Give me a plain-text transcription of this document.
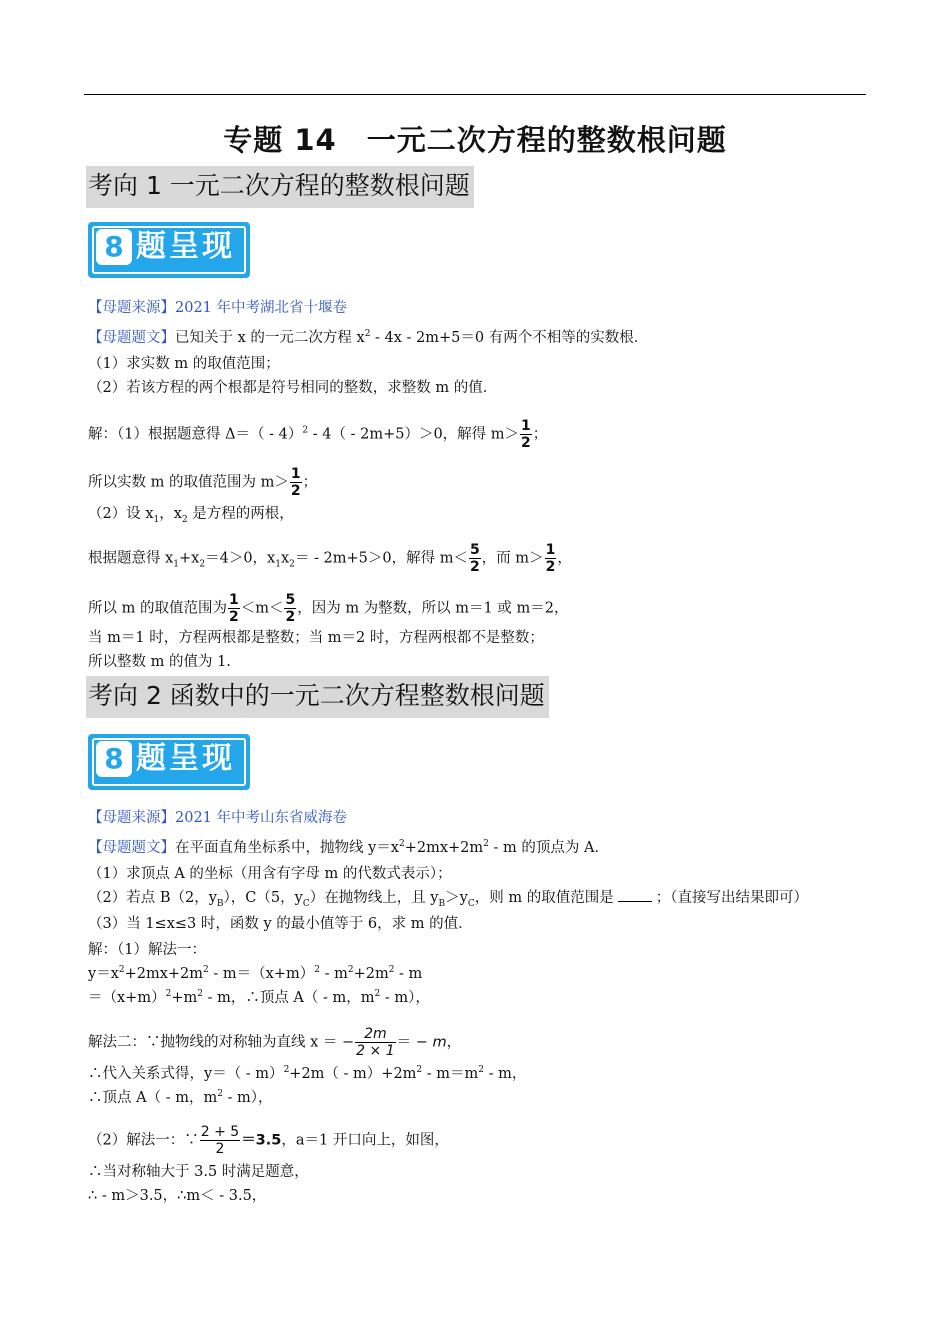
专题 14　一元二次方程的整数根问题
考向 1 一元二次方程的整数根问题
8 题呈现
【母题来源】2021 年中考湖北省十堰卷
【母题题文】已知关于 x 的一元二次方程 $x^2 - 4x - 2m+5=0$ 有两个不相等的实数根．
（1）求实数 m 的取值范围；
（2）若该方程的两个根都是符号相同的整数，求整数 m 的值．
解：（1）根据题意得 Δ＝（ - 4）$^2$ - 4（ - 2m+5）＞0，解得 $m> \frac{1}{2}$ ；
所以实数 m 的取值范围为 $m> \frac{1}{2}$ ；
（2）设 $x_1$，$x_2$ 是方程的两根，
根据题意得 $x_1+x_2=4>0$，$x_1x_2= - 2m+5>0$，解得 $m< \frac{5}{2}$ ，而 $m> \frac{1}{2}$ ，
所以 m 的取值范围为 $\frac{1}{2} <m< \frac{5}{2}$ ，因为 m 为整数，所以 m＝1 或 m＝2，
当 m＝1 时，方程两根都是整数；当 m＝2 时，方程两根都不是整数；
所以整数 m 的值为 1.
考向 2 函数中的一元二次方程整数根问题
8 题呈现
【母题来源】2021 年中考山东省威海卷
【母题题文】在平面直角坐标系中，抛物线 $y=x^2+2mx+2m^2 - m$ 的顶点为 A．
（1）求顶点 A 的坐标（用含有字母 m 的代数式表示）；
（2）若点 B（2，$y_B$），C（5，$y_C$）在抛物线上，且 $y_B>y_C$，则 m 的取值范围是	；（直接写出结果即可）
（3）当 1≤x≤3 时，函数 y 的最小值等于 6，求 m 的值．
解：（1）解法一：
$y=x^2+2mx+2m^2 - m=(x+m)^2 - m^2+2m^2 - m$
$=(x+m)^2+m^2 - m$，∴顶点 A（ - m，$m^2 - m$），
解法二：∵抛物线的对称轴为直线 x ＝ − $\frac{2m}{2 \times 1}$ ＝ − m，
∴代入关系式得，$y=( - m)^2+2m( - m)+2m^2 - m=m^2 - m$，
∴顶点 A（ - m，$m^2 - m$），
（2）解法一：∵ $\frac{2 + 5}{2} =3.5$，a＝1 开口向上，如图，
∴当对称轴大于 3.5 时满足题意，
∴ - m＞3.5，∴m＜ - 3.5，
